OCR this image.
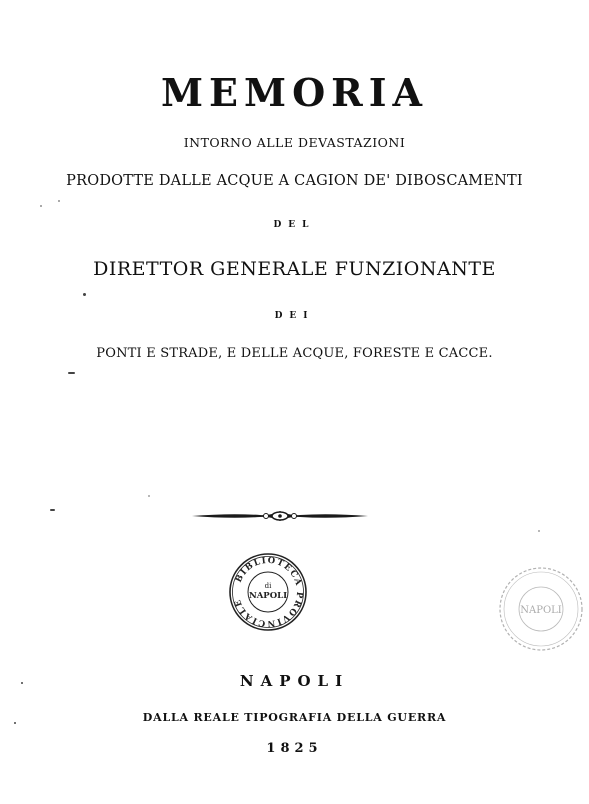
MEMORIA
INTORNO ALLE DEVASTAZIONI
PRODOTTE DALLE ACQUE A CAGION DE' DIBOSCAMENTI
DEL
DIRETTOR GENERALE FUNZIONANTE
DEI
PONTI E STRADE, E DELLE ACQUE, FORESTE E CACCE.
BIBLIOTECA PROVINCIALE
di
NAPOLI
NAPOLI
NAPOLI
DALLA REALE TIPOGRAFIA DELLA GUERRA
1825
